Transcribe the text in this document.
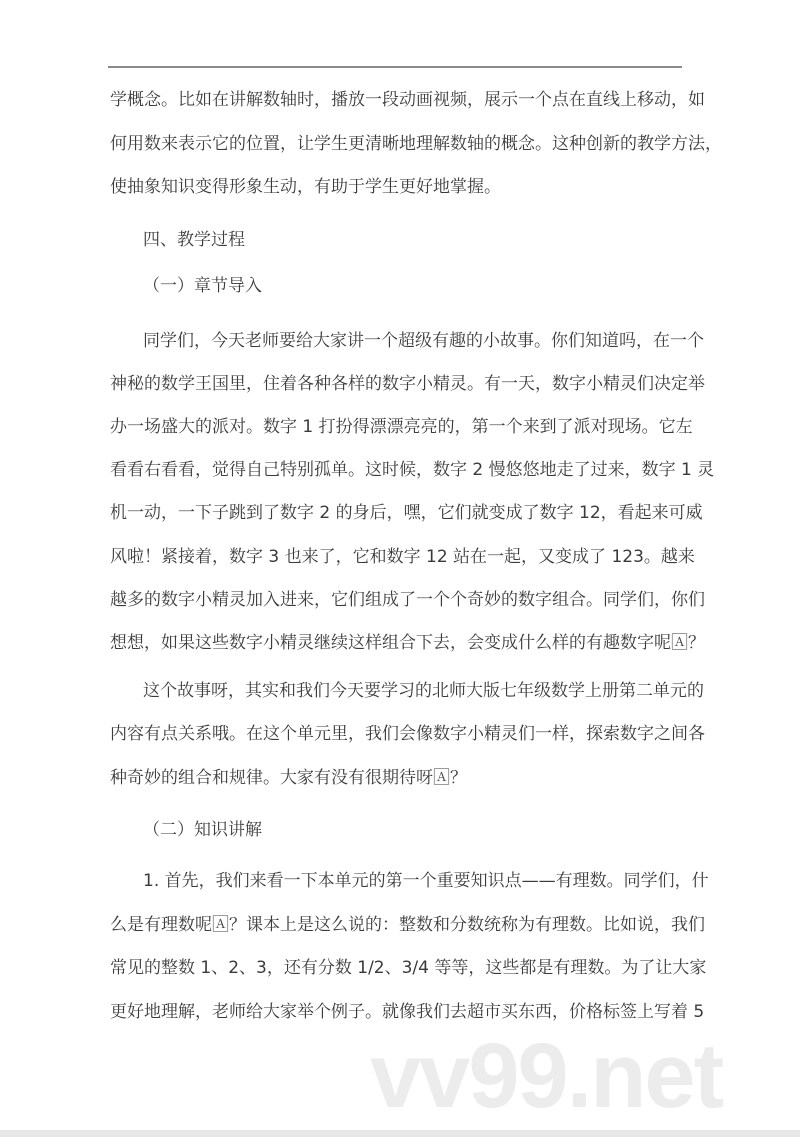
学概念。比如在讲解数轴时，播放一段动画视频，展示一个点在直线上移动，如
何用数来表示它的位置，让学生更清晰地理解数轴的概念。这种创新的教学方法，
使抽象知识变得形象生动，有助于学生更好地掌握。
四、教学过程
（一）章节导入
同学们，今天老师要给大家讲一个超级有趣的小故事。你们知道吗，在一个
神秘的数学王国里，住着各种各样的数字小精灵。有一天，数字小精灵们决定举
办一场盛大的派对。数字 1 打扮得漂漂亮亮的，第一个来到了派对现场。它左
看看右看看，觉得自己特别孤单。这时候，数字 2 慢悠悠地走了过来，数字 1 灵
机一动，一下子跳到了数字 2 的身后，嘿，它们就变成了数字 12，看起来可威
风啦！紧接着，数字 3 也来了，它和数字 12 站在一起，又变成了 123。越来
越多的数字小精灵加入进来，它们组成了一个个奇妙的数字组合。同学们，你们
想想，如果这些数字小精灵继续这样组合下去，会变成什么样的有趣数字呢🄰？
这个故事呀，其实和我们今天要学习的北师大版七年级数学上册第二单元的
内容有点关系哦。在这个单元里，我们会像数字小精灵们一样，探索数字之间各
种奇妙的组合和规律。大家有没有很期待呀🄰？
（二）知识讲解
1. 首先，我们来看一下本单元的第一个重要知识点——有理数。同学们，什
么是有理数呢🄰？课本上是这么说的：整数和分数统称为有理数。比如说，我们
常见的整数 1、2、3，还有分数 1/2、3/4 等等，这些都是有理数。为了让大家
更好地理解，老师给大家举个例子。就像我们去超市买东西，价格标签上写着 5
vv99.net
